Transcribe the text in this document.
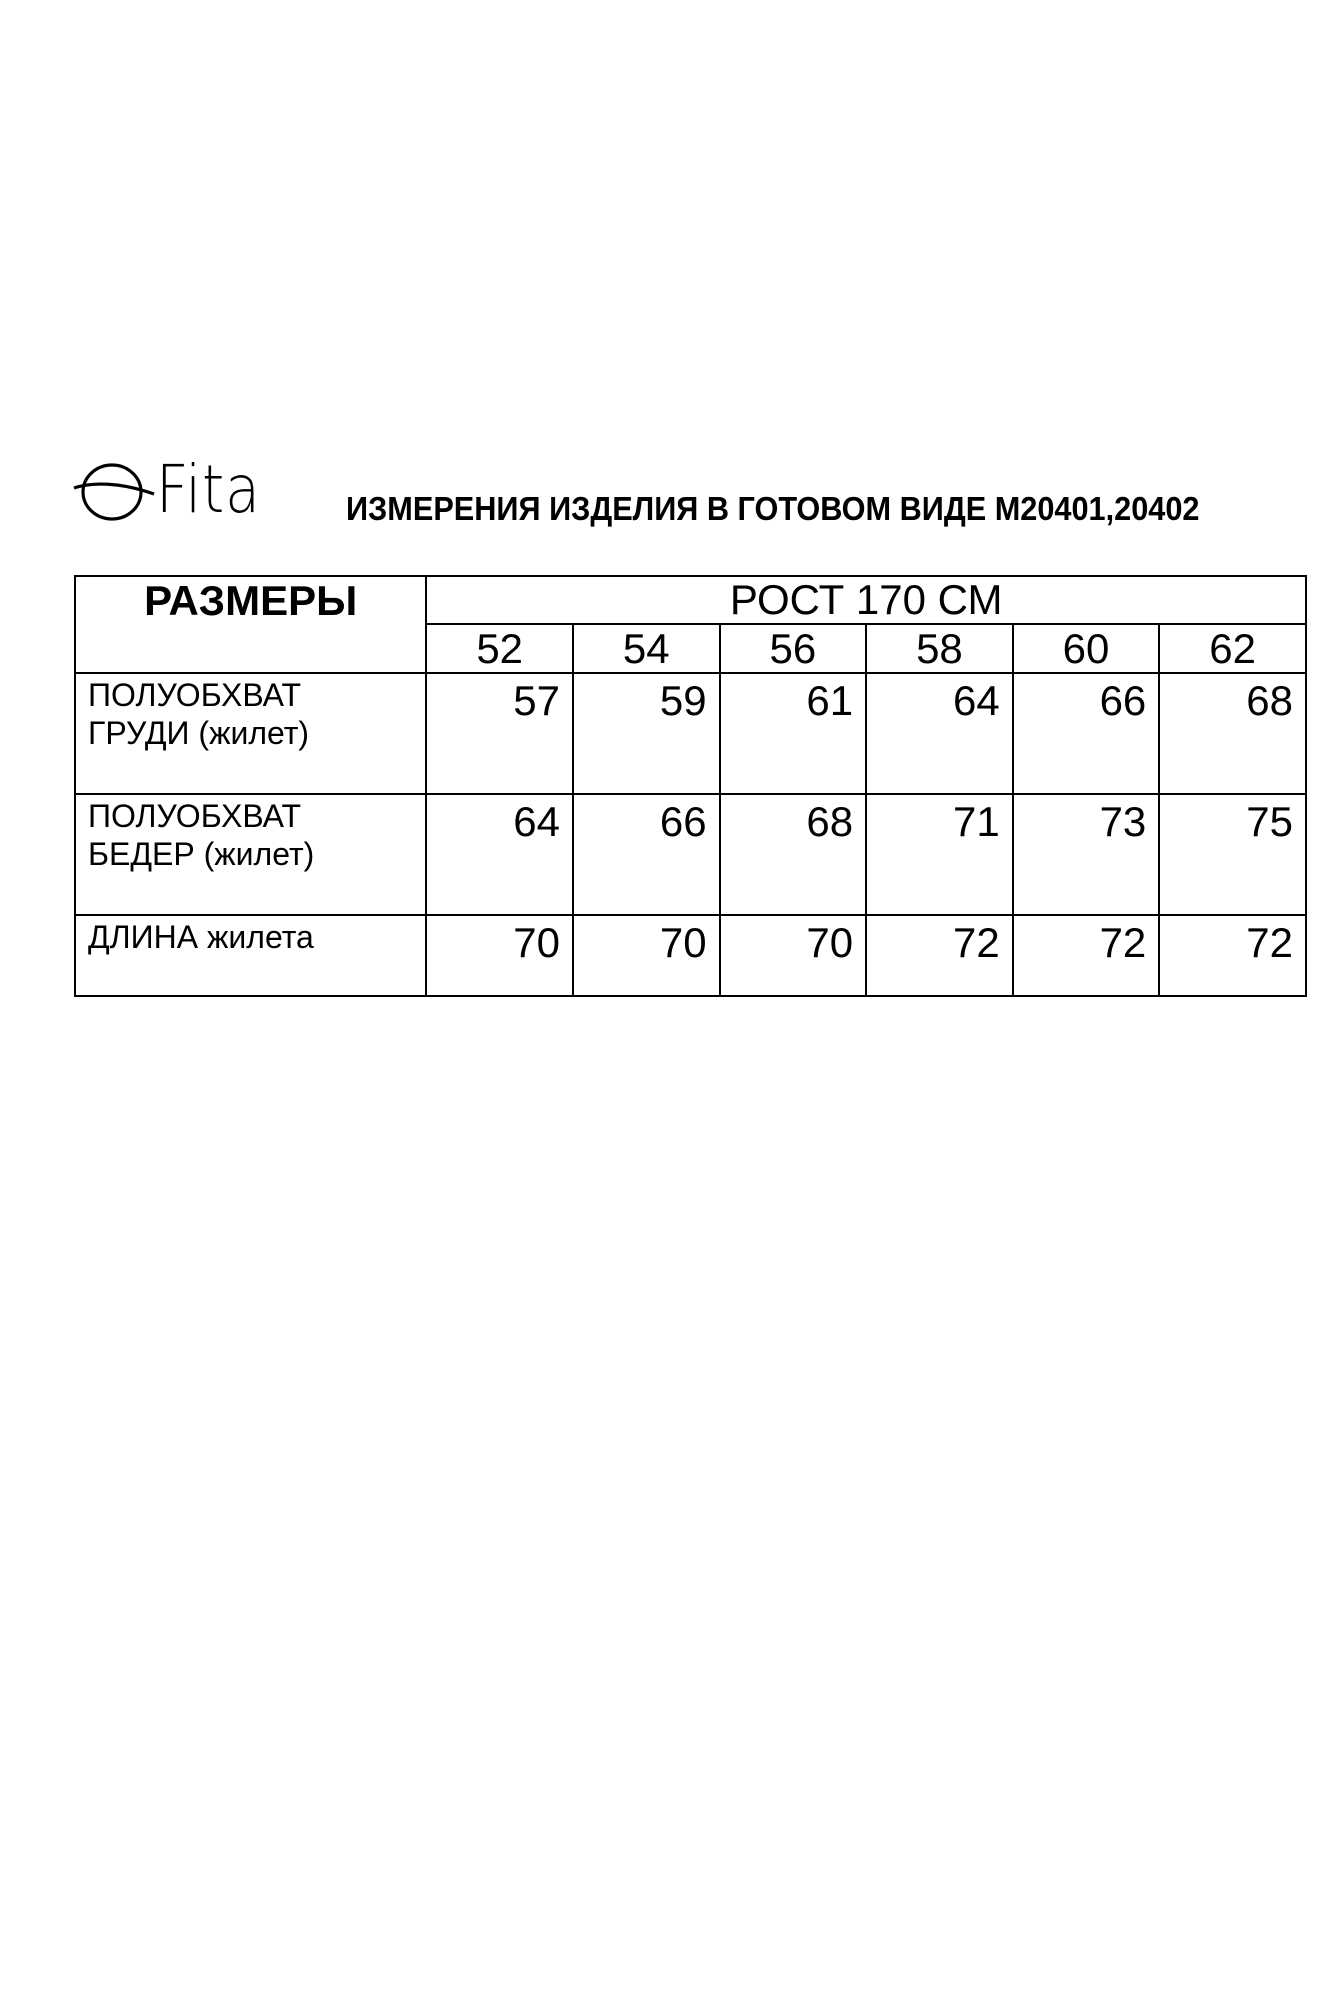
Fita	ИЗМЕРЕНИЯ ИЗДЕЛИЯ В ГОТОВОМ ВИДЕ М20401,20402
РАЗМЕРЫ	РОСТ 170 СМ					
	52	54	56	58	60	62

ПОЛУОБХВАТ
ГРУДИ (жилет)	57	59	61	64	66	68

ПОЛУОБХВАТ
БЕДЕР (жилет)	64	66	68	71	73	75

ДЛИНА жилета	70	70	70	72	72	72
